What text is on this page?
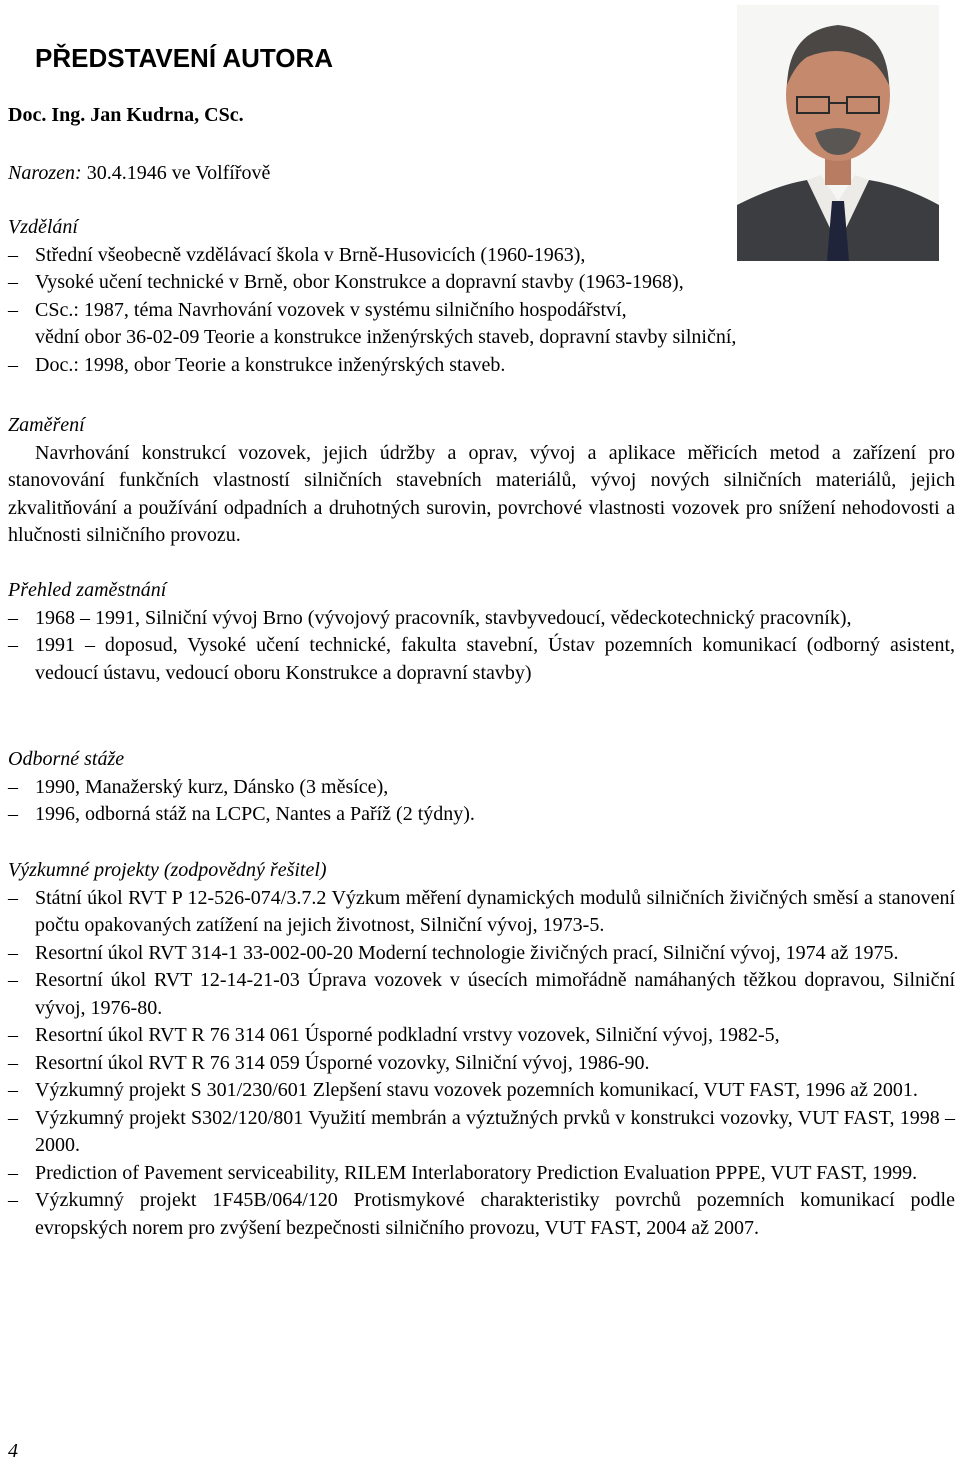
PŘEDSTAVENÍ AUTORA
Doc. Ing. Jan Kudrna, CSc.
Narozen: 30.4.1946 ve Volfířově
Vzdělání
– Střední všeobecně vzdělávací škola v Brně-Husovicích (1960-1963),
– Vysoké učení technické v Brně, obor Konstrukce a dopravní stavby (1963-1968),
– CSc.: 1987, téma Navrhování vozovek v systému silničního hospodářství,
vědní obor 36-02-09 Teorie a konstrukce inženýrských staveb, dopravní stavby silniční,
– Doc.: 1998, obor Teorie a konstrukce inženýrských staveb.
Zaměření
Navrhování konstrukcí vozovek, jejich údržby a oprav, vývoj a aplikace měřicích metod a zařízení pro stanovování funkčních vlastností silničních stavebních materiálů, vývoj nových silničních materiálů, jejich zkvalitňování a používání odpadních a druhotných surovin, povrchové vlastnosti vozovek pro snížení nehodovosti a hlučnosti silničního provozu.
Přehled zaměstnání
– 1968 – 1991, Silniční vývoj Brno (vývojový pracovník, stavbyvedoucí, vědeckotechnický pracovník),
– 1991 – doposud, Vysoké učení technické, fakulta stavební, Ústav pozemních komunikací (odborný asistent, vedoucí ústavu, vedoucí oboru Konstrukce a dopravní stavby)
Odborné stáže
– 1990, Manažerský kurz, Dánsko (3 měsíce),
– 1996, odborná stáž na LCPC, Nantes a Paříž (2 týdny).
Výzkumné projekty (zodpovědný řešitel)
– Státní úkol RVT P 12-526-074/3.7.2 Výzkum měření dynamických modulů silničních živičných směsí a stanovení počtu opakovaných zatížení na jejich životnost, Silniční vývoj, 1973-5.
– Resortní úkol RVT 314-1 33-002-00-20 Moderní technologie živičných prací, Silniční vývoj, 1974 až 1975.
– Resortní úkol RVT 12-14-21-03 Úprava vozovek v úsecích mimořádně namáhaných těžkou dopravou, Silniční vývoj, 1976-80.
– Resortní úkol RVT R 76 314 061 Úsporné podkladní vrstvy vozovek, Silniční vývoj, 1982-5,
– Resortní úkol RVT R 76 314 059 Úsporné vozovky, Silniční vývoj, 1986-90.
– Výzkumný projekt S 301/230/601 Zlepšení stavu vozovek pozemních komunikací, VUT FAST, 1996 až 2001.
– Výzkumný projekt S302/120/801 Využití membrán a výztužných prvků v konstrukci vozovky, VUT FAST, 1998 – 2000.
– Prediction of Pavement serviceability, RILEM Interlaboratory Prediction Evaluation PPPE, VUT FAST, 1999.
– Výzkumný projekt 1F45B/064/120 Protismykové charakteristiky povrchů pozemních komunikací podle evropských norem pro zvýšení bezpečnosti silničního provozu, VUT FAST, 2004 až 2007.
4
